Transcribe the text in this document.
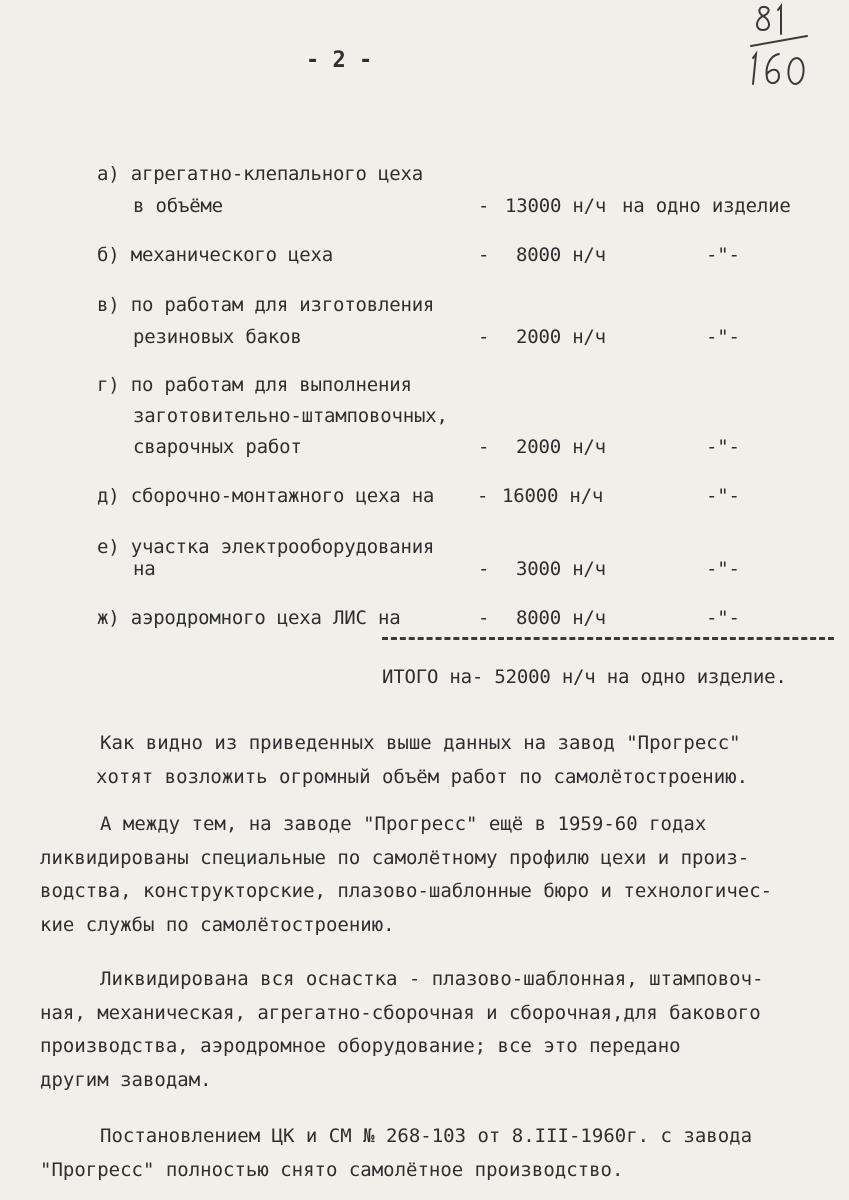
- 2 -
а) агрегатно-клепального цеха
в объёме	- 13000 н/ч на одно изделие
б) механического цеха	- 8000 н/ч	-"-
в) по работам для изготовления
резиновых баков	- 2000 н/ч	-"-
г) по работам для выполнения
заготовительно-штамповочных,
сварочных работ	- 2000 н/ч	-"-
д) сборочно-монтажного цеха на - 16000 н/ч	-"-
е) участка электрооборудования
на	- 3000 н/ч	-"-
ж) аэродромного цеха ЛИС на	- 8000 н/ч	-"-
ИТОГО на- 52000 н/ч на одно изделие.
Как видно из приведенных выше данных на завод "Прогресс"
хотят возложить огромный объём работ по самолётостроению.
А между тем, на заводе "Прогресс" ещё в 1959-60 годах
ликвидированы специальные по самолётному профилю цехи и произ-
водства, конструкторские, плазово-шаблонные бюро и технологичес-
кие службы по самолётостроению.
Ликвидирована вся оснастка - плазово-шаблонная, штамповоч-
ная, механическая, агрегатно-сборочная и сборочная,для бакового
производства, аэродромное оборудование; все это передано
другим заводам.
Постановлением ЦК и СМ № 268-103 от 8.III-1960г. с завода
"Прогресс" полностью снято самолётное производство.
